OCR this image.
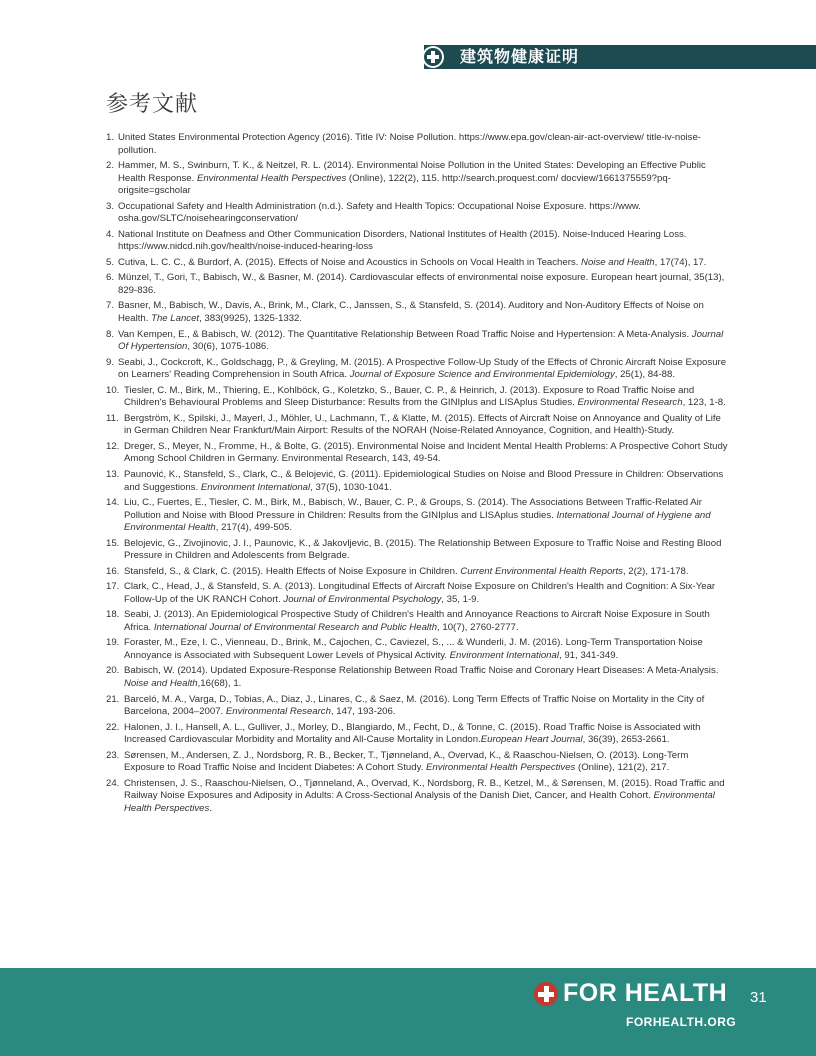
建筑物健康证明
参考文献
1. United States Environmental Protection Agency (2016). Title IV: Noise Pollution. https://www.epa.gov/clean-air-act-overview/ title-iv-noise-pollution.
2. Hammer, M. S., Swinburn, T. K., & Neitzel, R. L. (2014). Environmental Noise Pollution in the United States: Developing an Effective Public Health Response. Environmental Health Perspectives (Online), 122(2), 115. http://search.proquest.com/ docview/1661375559?pq-origsite=gscholar
3. Occupational Safety and Health Administration (n.d.). Safety and Health Topics: Occupational Noise Exposure. https://www. osha.gov/SLTC/noisehearingconservation/
4. National Institute on Deafness and Other Communication Disorders, National Institutes of Health (2015). Noise-Induced Hearing Loss. https://www.nidcd.nih.gov/health/noise-induced-hearing-loss
5. Cutiva, L. C. C., & Burdorf, A. (2015). Effects of Noise and Acoustics in Schools on Vocal Health in Teachers. Noise and Health, 17(74), 17.
6. Münzel, T., Gori, T., Babisch, W., & Basner, M. (2014). Cardiovascular effects of environmental noise exposure. European heart journal, 35(13), 829-836.
7. Basner, M., Babisch, W., Davis, A., Brink, M., Clark, C., Janssen, S., & Stansfeld, S. (2014). Auditory and Non-Auditory Effects of Noise on Health. The Lancet, 383(9925), 1325-1332.
8. Van Kempen, E., & Babisch, W. (2012). The Quantitative Relationship Between Road Traffic Noise and Hypertension: A Meta-Analysis. Journal Of Hypertension, 30(6), 1075-1086.
9. Seabi, J., Cockcroft, K., Goldschagg, P., & Greyling, M. (2015). A Prospective Follow-Up Study of the Effects of Chronic Aircraft Noise Exposure on Learners' Reading Comprehension in South Africa. Journal of Exposure Science and Environmental Epidemiology, 25(1), 84-88.
10. Tiesler, C. M., Birk, M., Thiering, E., Kohlböck, G., Koletzko, S., Bauer, C. P., & Heinrich, J. (2013). Exposure to Road Traffic Noise and Children's Behavioural Problems and Sleep Disturbance: Results from the GINIplus and LISAplus Studies. Environmental Research, 123, 1-8.
11. Bergström, K., Spilski, J., Mayerl, J., Möhler, U., Lachmann, T., & Klatte, M. (2015). Effects of Aircraft Noise on Annoyance and Quality of Life in German Children Near Frankfurt/Main Airport: Results of the NORAH (Noise-Related Annoyance, Cognition, and Health)-Study.
12. Dreger, S., Meyer, N., Fromme, H., & Bolte, G. (2015). Environmental Noise and Incident Mental Health Problems: A Prospective Cohort Study Among School Children in Germany. Environmental Research, 143, 49-54.
13. Paunović, K., Stansfeld, S., Clark, C., & Belojević, G. (2011). Epidemiological Studies on Noise and Blood Pressure in Children: Observations and Suggestions. Environment International, 37(5), 1030-1041.
14. Liu, C., Fuertes, E., Tiesler, C. M., Birk, M., Babisch, W., Bauer, C. P., & Groups, S. (2014). The Associations Between Traffic-Related Air Pollution and Noise with Blood Pressure in Children: Results from the GINIplus and LISAplus studies. International Journal of Hygiene and Environmental Health, 217(4), 499-505.
15. Belojevic, G., Zivojinovic, J. I., Paunovic, K., & Jakovljevic, B. (2015). The Relationship Between Exposure to Traffic Noise and Resting Blood Pressure in Children and Adolescents from Belgrade.
16. Stansfeld, S., & Clark, C. (2015). Health Effects of Noise Exposure in Children. Current Environmental Health Reports, 2(2), 171-178.
17. Clark, C., Head, J., & Stansfeld, S. A. (2013). Longitudinal Effects of Aircraft Noise Exposure on Children's Health and Cognition: A Six-Year Follow-Up of the UK RANCH Cohort. Journal of Environmental Psychology, 35, 1-9.
18. Seabi, J. (2013). An Epidemiological Prospective Study of Children's Health and Annoyance Reactions to Aircraft Noise Exposure in South Africa. International Journal of Environmental Research and Public Health, 10(7), 2760-2777.
19. Foraster, M., Eze, I. C., Vienneau, D., Brink, M., Cajochen, C., Caviezel, S., ... & Wunderli, J. M. (2016). Long-Term Transportation Noise Annoyance is Associated with Subsequent Lower Levels of Physical Activity. Environment International, 91, 341-349.
20. Babisch, W. (2014). Updated Exposure-Response Relationship Between Road Traffic Noise and Coronary Heart Diseases: A Meta-Analysis. Noise and Health,16(68), 1.
21. Barceló, M. A., Varga, D., Tobias, A., Diaz, J., Linares, C., & Saez, M. (2016). Long Term Effects of Traffic Noise on Mortality in the City of Barcelona, 2004–2007. Environmental Research, 147, 193-206.
22. Halonen, J. I., Hansell, A. L., Gulliver, J., Morley, D., Blangiardo, M., Fecht, D., & Tonne, C. (2015). Road Traffic Noise is Associated with Increased Cardiovascular Morbidity and Mortality and All-Cause Mortality in London.European Heart Journal, 36(39), 2653-2661.
23. Sørensen, M., Andersen, Z. J., Nordsborg, R. B., Becker, T., Tjønneland, A., Overvad, K., & Raaschou-Nielsen, O. (2013). Long-Term Exposure to Road Traffic Noise and Incident Diabetes: A Cohort Study. Environmental Health Perspectives (Online), 121(2), 217.
24. Christensen, J. S., Raaschou-Nielsen, O., Tjønneland, A., Overvad, K., Nordsborg, R. B., Ketzel, M., & Sørensen, M. (2015). Road Traffic and Railway Noise Exposures and Adiposity in Adults: A Cross-Sectional Analysis of the Danish Diet, Cancer, and Health Cohort. Environmental Health Perspectives.
FOR HEALTH 31
FORHEALTH.ORG
